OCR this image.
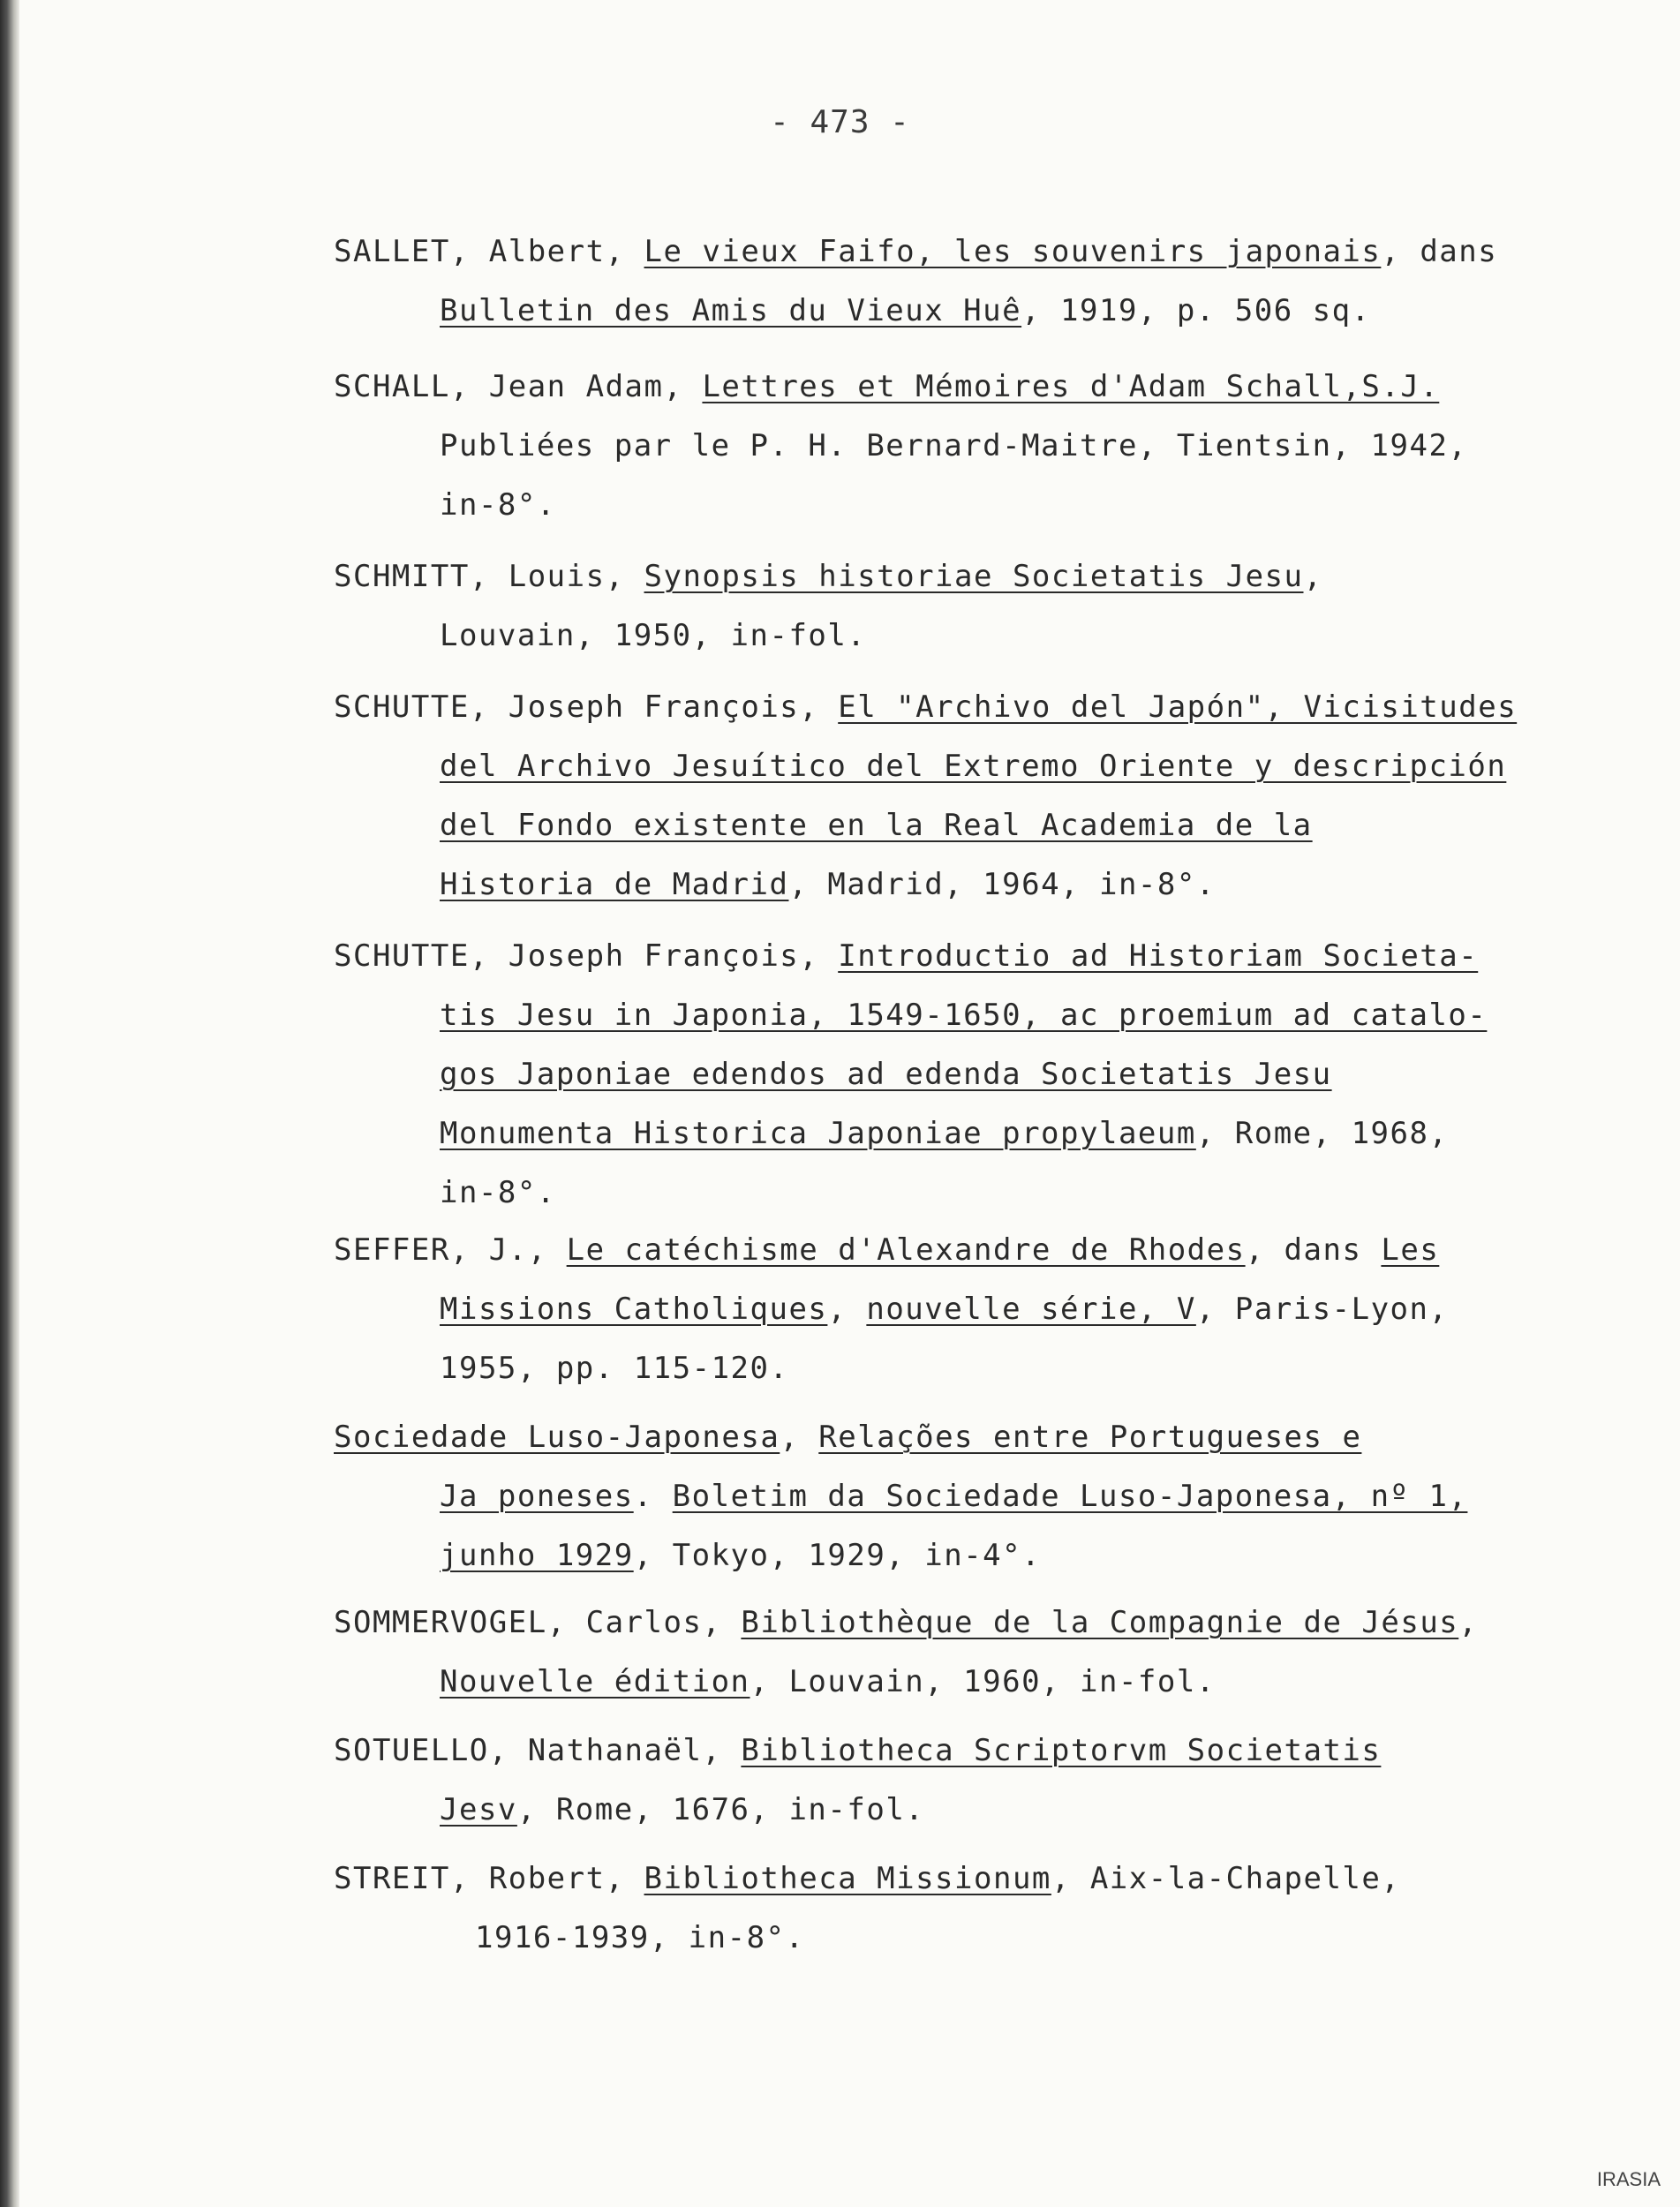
- 473 -
SALLET, Albert, Le vieux Faifo, les souvenirs japonais, dans
Bulletin des Amis du Vieux Huê, 1919, p. 506 sq.
SCHALL, Jean Adam, Lettres et Mémoires d'Adam Schall,S.J.
Publiées par le P. H. Bernard-Maitre, Tientsin, 1942,
in-8°.
SCHMITT, Louis, Synopsis historiae Societatis Jesu,
Louvain, 1950, in-fol.
SCHUTTE, Joseph François, El "Archivo del Japón", Vicisitudes
del Archivo Jesuítico del Extremo Oriente y descripción
del Fondo existente en la Real Academia de la
Historia de Madrid, Madrid, 1964, in-8°.
SCHUTTE, Joseph François, Introductio ad Historiam Societa-
tis Jesu in Japonia, 1549-1650, ac proemium ad catalo-
gos Japoniae edendos ad edenda Societatis Jesu
Monumenta Historica Japoniae propylaeum, Rome, 1968,
in-8°.
SEFFER, J., Le catéchisme d'Alexandre de Rhodes, dans Les
Missions Catholiques, nouvelle série, V, Paris-Lyon,
1955, pp. 115-120.
Sociedade Luso-Japonesa, Relações entre Portugueses e
Ja poneses. Boletim da Sociedade Luso-Japonesa, nº 1,
junho 1929, Tokyo, 1929, in-4°.
SOMMERVOGEL, Carlos, Bibliothèque de la Compagnie de Jésus,
Nouvelle édition, Louvain, 1960, in-fol.
SOTUELLO, Nathanaël, Bibliotheca Scriptorvm Societatis
Jesv, Rome, 1676, in-fol.
STREIT, Robert, Bibliotheca Missionum, Aix-la-Chapelle,
1916-1939, in-8°.
IRASIA
